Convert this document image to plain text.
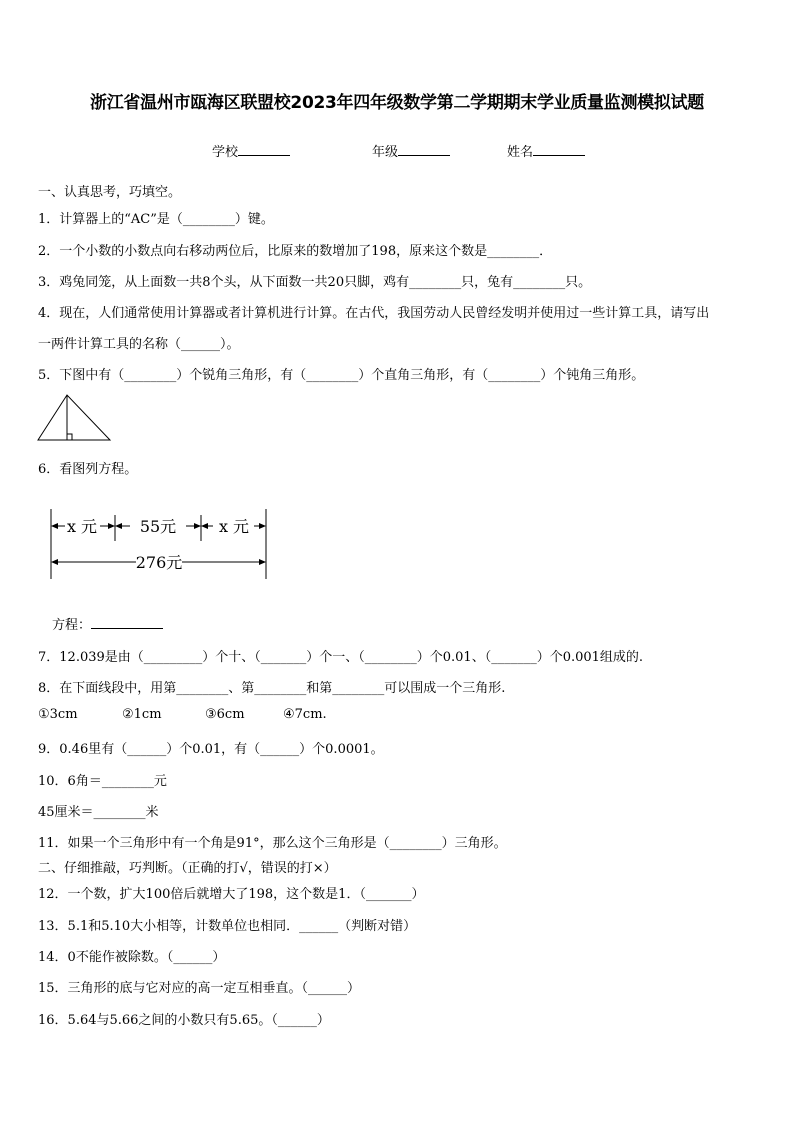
浙江省温州市瓯海区联盟校2023年四年级数学第二学期期末学业质量监测模拟试题
学校	年级	姓名
一、认真思考，巧填空。
1．计算器上的“AC”是（________）键。
2．一个小数的小数点向右移动两位后，比原来的数增加了198，原来这个数是________．
3．鸡兔同笼，从上面数一共8个头，从下面数一共20只脚，鸡有________只，兔有________只。
4．现在，人们通常使用计算器或者计算机进行计算。在古代，我国劳动人民曾经发明并使用过一些计算工具，请写出
一两件计算工具的名称（______）。
5．下图中有（________）个锐角三角形，有（________）个直角三角形，有（________）个钝角三角形。
6．看图列方程。
x 元	55元	x 元
276元
方程：
7．12.039是由（_________）个十、（_______）个一、（________）个0.01、（_______）个0.001组成的.
8．在下面线段中，用第________、第________和第________可以围成一个三角形.
①3cm	②1cm	③6cm	④7cm.
9．0.46里有（______）个0.01，有（______）个0.0001。
10．6角＝________元
45厘米＝________米
11．如果一个三角形中有一个角是91°，那么这个三角形是（________）三角形。
二、仔细推敲，巧判断。（正确的打√，错误的打×）
12．一个数，扩大100倍后就增大了198，这个数是1．（_______）
13．5.1和5.10大小相等，计数单位也相同．______（判断对错）
14．0不能作被除数。（______）
15．三角形的底与它对应的高一定互相垂直。（______）
16．5.64与5.66之间的小数只有5.65。（______）
